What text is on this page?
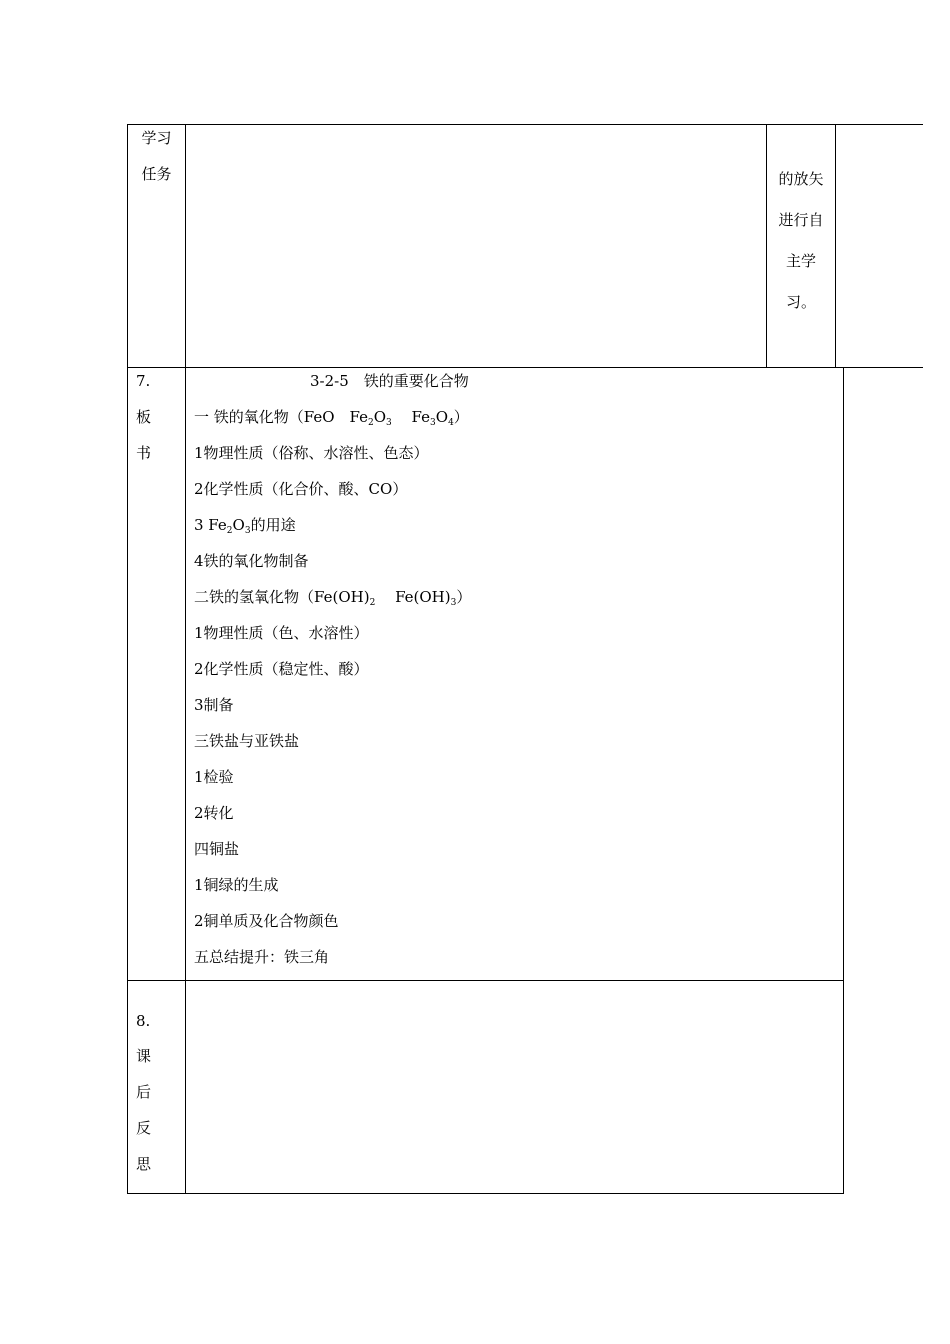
学习
任务	的放矢
进行自
主学
习。
7.
板
书
3-2-5　铁的重要化合物
一 铁的氧化物（FeO　$Fe_2O_3$　 $Fe_3O_4$）
1物理性质（俗称、水溶性、色态）
2化学性质（化合价、酸、CO）
3 $Fe_2O_3$的用途
4铁的氧化物制备
二铁的氢氧化物（$Fe(OH)_2$　 $Fe(OH)_3$）
1物理性质（色、水溶性）
2化学性质（稳定性、酸）
3制备
三铁盐与亚铁盐
1检验
2转化
四铜盐
1铜绿的生成
2铜单质及化合物颜色
五总结提升：铁三角
8.
课
后
反
思
